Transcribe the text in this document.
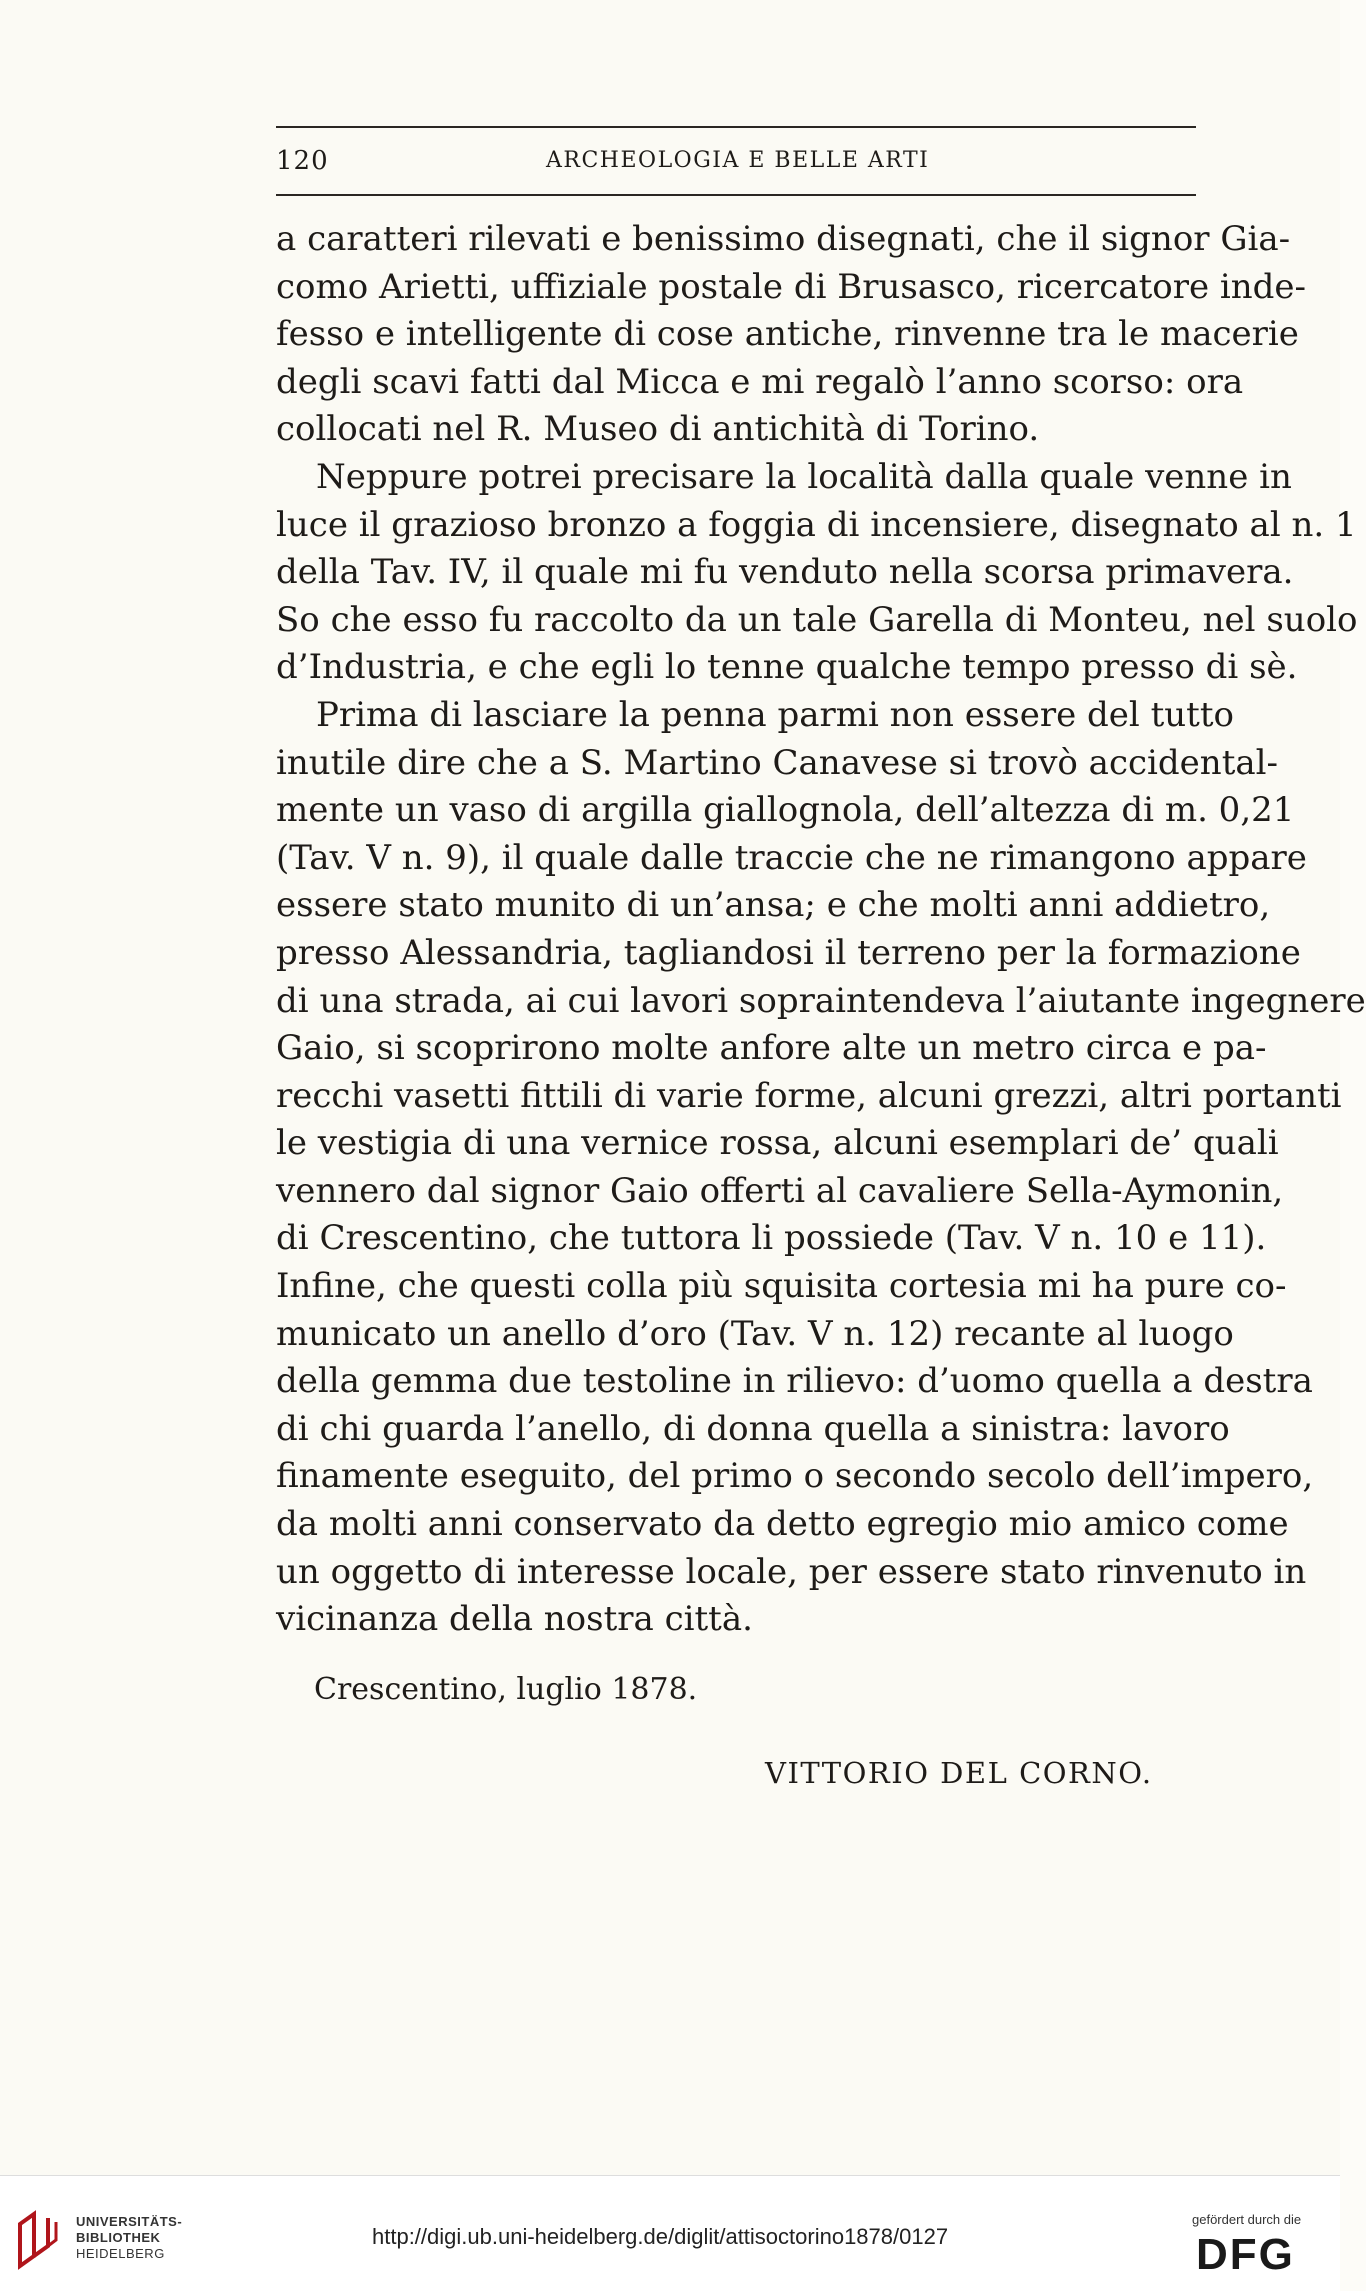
120	ARCHEOLOGIA E BELLE ARTI
a caratteri rilevati e benissimo disegnati, che il signor Gia-
como Arietti, uffiziale postale di Brusasco, ricercatore inde-
fesso e intelligente di cose antiche, rinvenne tra le macerie
degli scavi fatti dal Micca e mi regalò l’anno scorso: ora
collocati nel R. Museo di antichità di Torino.
Neppure potrei precisare la località dalla quale venne in
luce il grazioso bronzo a foggia di incensiere, disegnato al n. 1
della Tav. IV, il quale mi fu venduto nella scorsa primavera.
So che esso fu raccolto da un tale Garella di Monteu, nel suolo
d’Industria, e che egli lo tenne qualche tempo presso di sè.
Prima di lasciare la penna parmi non essere del tutto
inutile dire che a S. Martino Canavese si trovò accidental-
mente un vaso di argilla giallognola, dell’altezza di m. 0,21
(Tav. V n. 9), il quale dalle traccie che ne rimangono appare
essere stato munito di un’ansa; e che molti anni addietro,
presso Alessandria, tagliandosi il terreno per la formazione
di una strada, ai cui lavori sopraintendeva l’aiutante ingegnere
Gaio, si scoprirono molte anfore alte un metro circa e pa-
recchi vasetti fittili di varie forme, alcuni grezzi, altri portanti
le vestigia di una vernice rossa, alcuni esemplari de’ quali
vennero dal signor Gaio offerti al cavaliere Sella-Aymonin,
di Crescentino, che tuttora li possiede (Tav. V n. 10 e 11).
Infine, che questi colla più squisita cortesia mi ha pure co-
municato un anello d’oro (Tav. V n. 12) recante al luogo
della gemma due testoline in rilievo: d’uomo quella a destra
di chi guarda l’anello, di donna quella a sinistra: lavoro
finamente eseguito, del primo o secondo secolo dell’impero,
da molti anni conservato da detto egregio mio amico come
un oggetto di interesse locale, per essere stato rinvenuto in
vicinanza della nostra città.
Crescentino, luglio 1878.
VITTORIO DEL CORNO.
UNIVERSITÄTS-
BIBLIOTHEK
HEIDELBERG
http://digi.ub.uni-heidelberg.de/diglit/attisoctorino1878/0127
gefördert durch die
DFG
